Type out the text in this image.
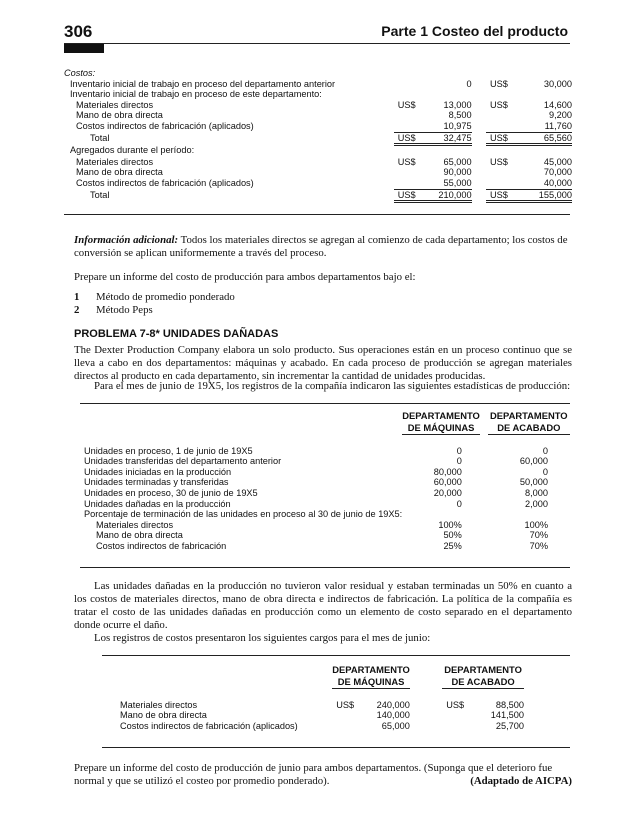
306	Parte 1 Costeo del producto
Costos:					
Inventario inicial de trabajo en proceso del departamento anterior		0		US$	30,000
Inventario inicial de trabajo en proceso de este departamento:					
Materiales directos	US$	13,000		US$	14,600
Mano de obra directa		8,500			9,200
Costos indirectos de fabricación (aplicados)		10,975			11,760
Total	US$	32,475		US$	65,560
Agregados durante el período:					
Materiales directos	US$	65,000		US$	45,000
Mano de obra directa		90,000			70,000
Costos indirectos de fabricación (aplicados)		55,000			40,000
Total	US$	210,000		US$	155,000
Información adicional: Todos los materiales directos se agregan al comienzo de cada departamento; los costos de conversión se aplican uniformemente a través del proceso.
Prepare un informe del costo de producción para ambos departamentos bajo el:
1 Método de promedio ponderado
2 Método Peps
PROBLEMA 7-8* UNIDADES DAÑADAS
The Dexter Production Company elabora un solo producto. Sus operaciones están en un proceso continuo que se lleva a cabo en dos departamentos: máquinas y acabado. En cada proceso de producción se agregan materiales directos al producto en cada departamento, sin incrementar la cantidad de unidades producidas.
Para el mes de junio de 19X5, los registros de la compañía indicaron las siguientes estadísticas de producción:
	DEPARTAMENTO		DEPARTAMENTO
	DE MÁQUINAS		DE ACABADO

Unidades en proceso, 1 de junio de 19X5	0		0
Unidades transferidas del departamento anterior	0		60,000
Unidades iniciadas en la producción	80,000		0
Unidades terminadas y transferidas	60,000		50,000
Unidades en proceso, 30 de junio de 19X5	20,000		8,000
Unidades dañadas en la producción	0		2,000
Porcentaje de terminación de las unidades en proceso al 30 de junio de 19X5:			
Materiales directos	100%		100%
Mano de obra directa	50%		70%
Costos indirectos de fabricación	25%		70%
Las unidades dañadas en la producción no tuvieron valor residual y estaban terminadas un 50% en cuanto a los costos de materiales directos, mano de obra directa e indirectos de fabricación. La política de la compañía es tratar el costo de las unidades dañadas en producción como un elemento de costo separado en el departamento donde ocurre el daño.
Los registros de costos presentaron los siguientes cargos para el mes de junio:
	DEPARTAMENTO			DEPARTAMENTO	
	DE MÁQUINAS			DE ACABADO	

Materiales directos	US$	240,000		US$	88,500
Mano de obra directa		140,000			141,500
Costos indirectos de fabricación (aplicados)		65,000			25,700
Prepare un informe del costo de producción de junio para ambos departamentos. (Suponga que el deterioro fue normal y que se utilizó el costeo por promedio ponderado).	(Adaptado de AICPA)
